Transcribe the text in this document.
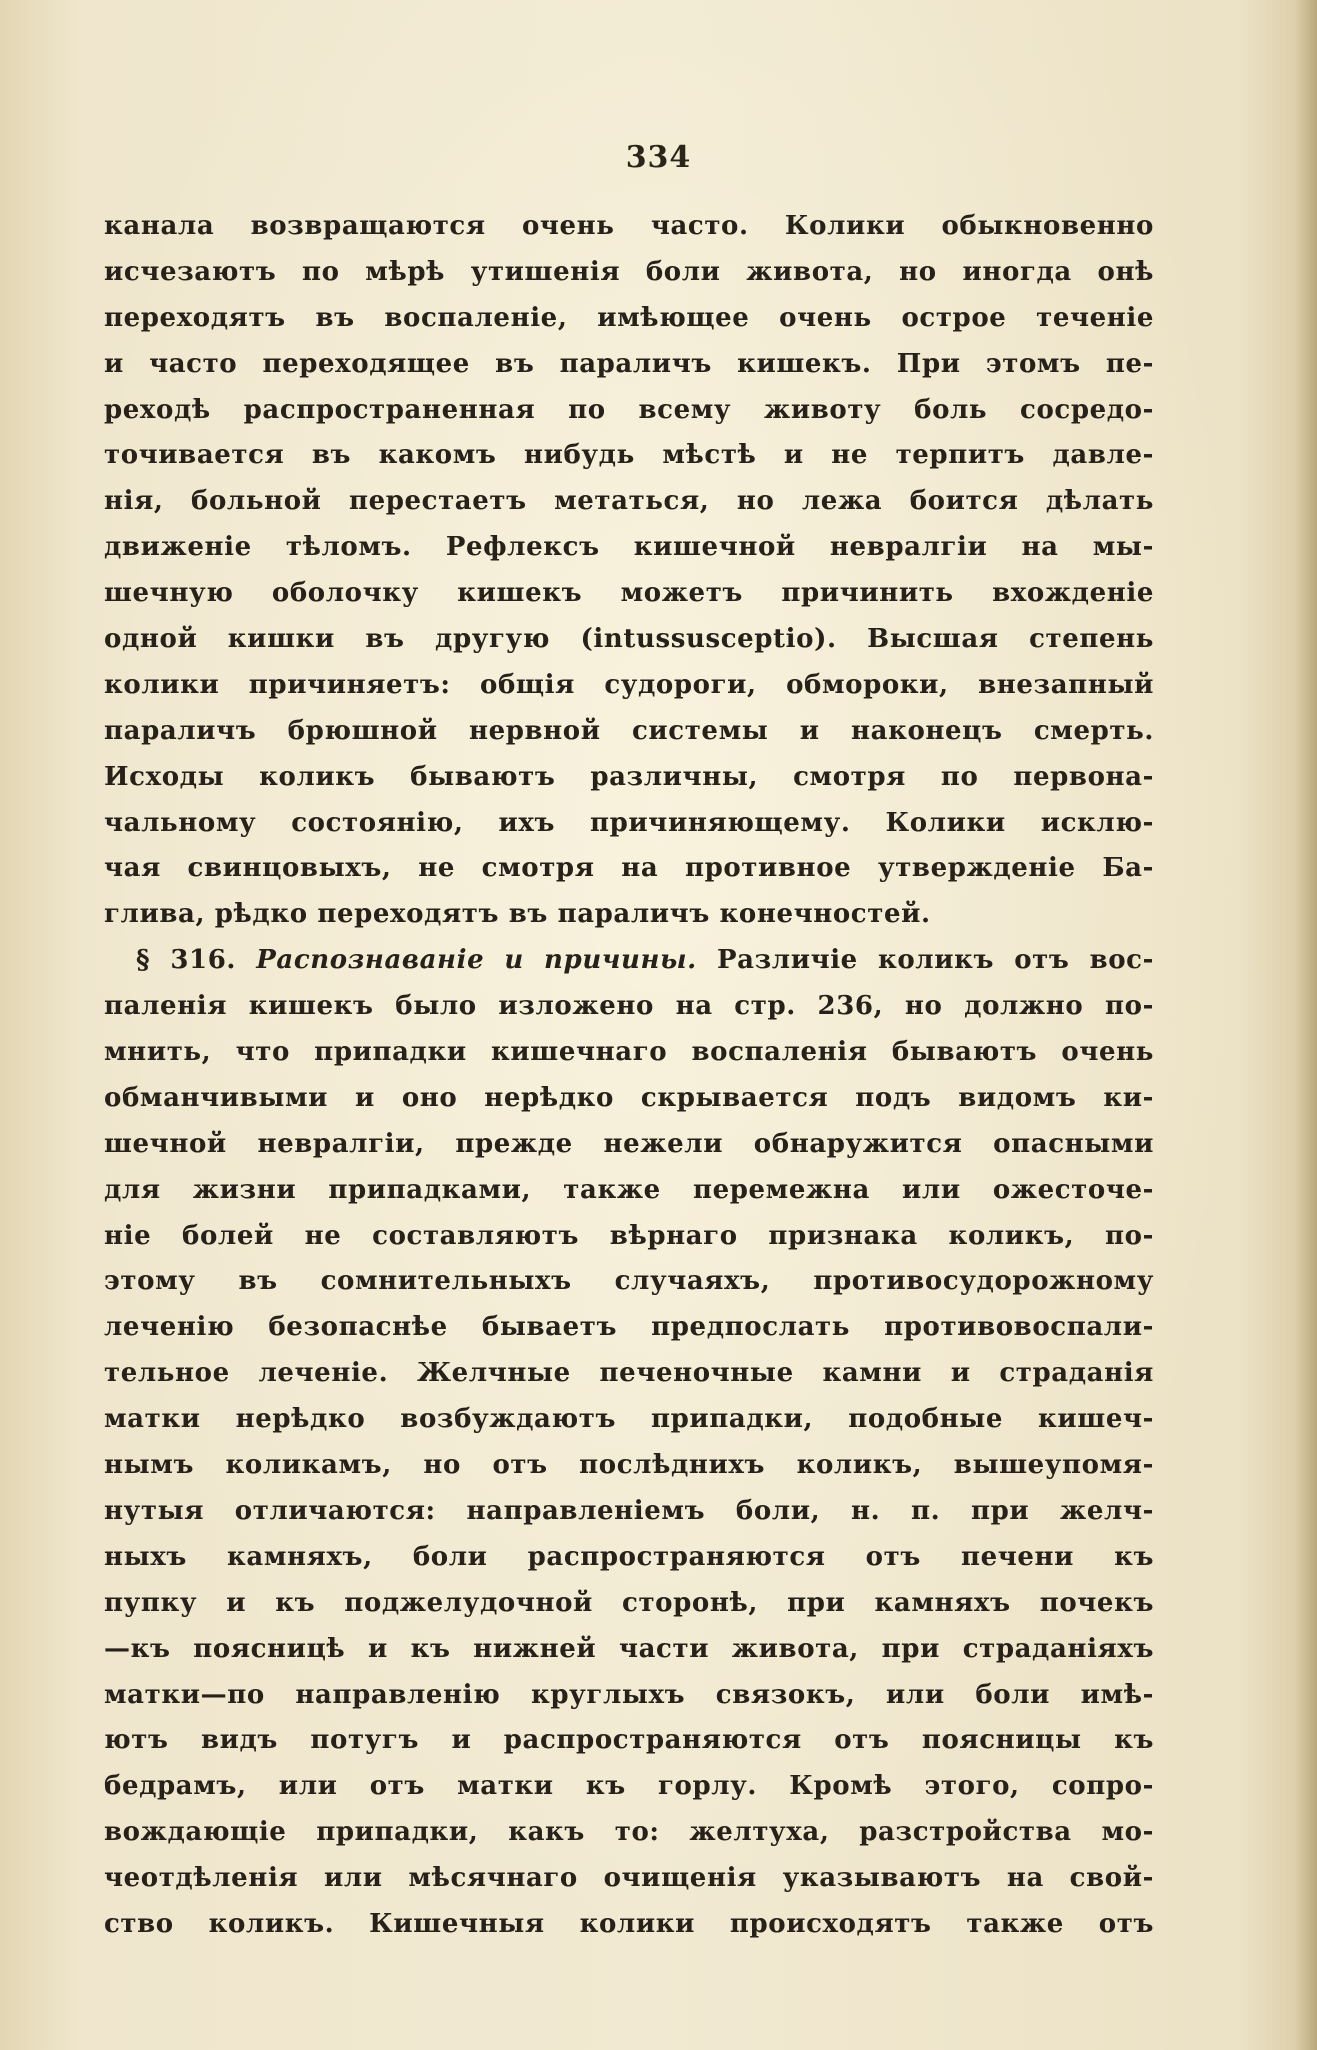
334
канала возвращаются очень часто. Колики обыкновенно
исчезаютъ по мѣрѣ утишенія боли живота, но иногда онѣ
переходятъ въ воспаленіе, имѣющее очень острое теченіе
и часто переходящее въ параличъ кишекъ. При этомъ пе-
реходѣ распространенная по всему животу боль сосредо-
точивается въ какомъ нибудь мѣстѣ и не терпитъ давле-
нія, больной перестаетъ метаться, но лежа боится дѣлать
движеніе тѣломъ. Рефлексъ кишечной невралгіи на мы-
шечную оболочку кишекъ можетъ причинить вхожденіе
одной кишки въ другую (intussusceptio). Высшая степень
колики причиняетъ: общія судороги, обмороки, внезапный
параличъ брюшной нервной системы и наконецъ смерть.
Исходы коликъ бываютъ различны, смотря по первона-
чальному состоянію, ихъ причиняющему. Колики исклю-
чая свинцовыхъ, не смотря на противное утвержденіе Ба-
глива, рѣдко переходятъ въ параличъ конечностей.
§ 316. Распознаваніе и причины. Различіе коликъ отъ вос-
паленія кишекъ было изложено на стр. 236, но должно по-
мнить, что припадки кишечнаго воспаленія бываютъ очень
обманчивыми и оно нерѣдко скрывается подъ видомъ ки-
шечной невралгіи, прежде нежели обнаружится опасными
для жизни припадками, также перемежна или ожесточе-
ніе болей не составляютъ вѣрнаго признака коликъ, по-
этому въ сомнительныхъ случаяхъ, противосудорожному
леченію безопаснѣе бываетъ предпослать противовоспали-
тельное леченіе. Желчные печеночные камни и страданія
матки нерѣдко возбуждаютъ припадки, подобные кишеч-
нымъ коликамъ, но отъ послѣднихъ коликъ, вышеупомя-
нутыя отличаются: направленіемъ боли, н. п. при желч-
ныхъ камняхъ, боли распространяются отъ печени къ
пупку и къ поджелудочной сторонѣ, при камняхъ почекъ
—къ поясницѣ и къ нижней части живота, при страданіяхъ
матки—по направленію круглыхъ связокъ, или боли имѣ-
ютъ видъ потугъ и распространяются отъ поясницы къ
бедрамъ, или отъ матки къ горлу. Кромѣ этого, сопро-
вождающіе припадки, какъ то: желтуха, разстройства мо-
чеотдѣленія или мѣсячнаго очищенія указываютъ на свой-
ство коликъ. Кишечныя колики происходятъ также отъ
